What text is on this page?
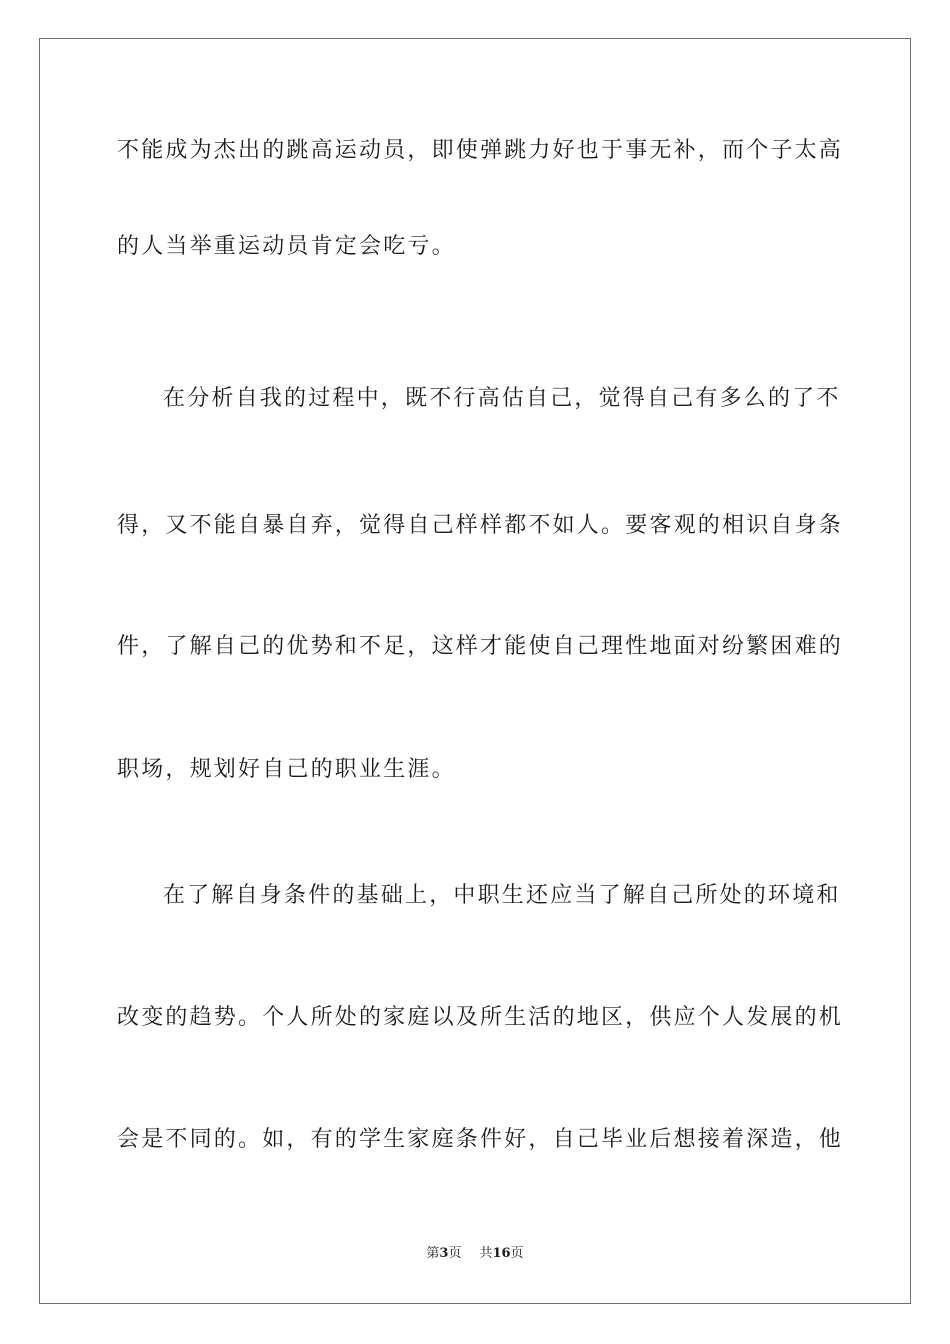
不能成为杰出的跳高运动员，即使弹跳力好也于事无补，而个子太高
的人当举重运动员肯定会吃亏。
在分析自我的过程中，既不行高估自己，觉得自己有多么的了不
得，又不能自暴自弃，觉得自己样样都不如人。要客观的相识自身条
件，了解自己的优势和不足，这样才能使自己理性地面对纷繁困难的
职场，规划好自己的职业生涯。
在了解自身条件的基础上，中职生还应当了解自己所处的环境和
改变的趋势。个人所处的家庭以及所生活的地区，供应个人发展的机
会是不同的。如，有的学生家庭条件好，自己毕业后想接着深造，他
第3页 共16页
